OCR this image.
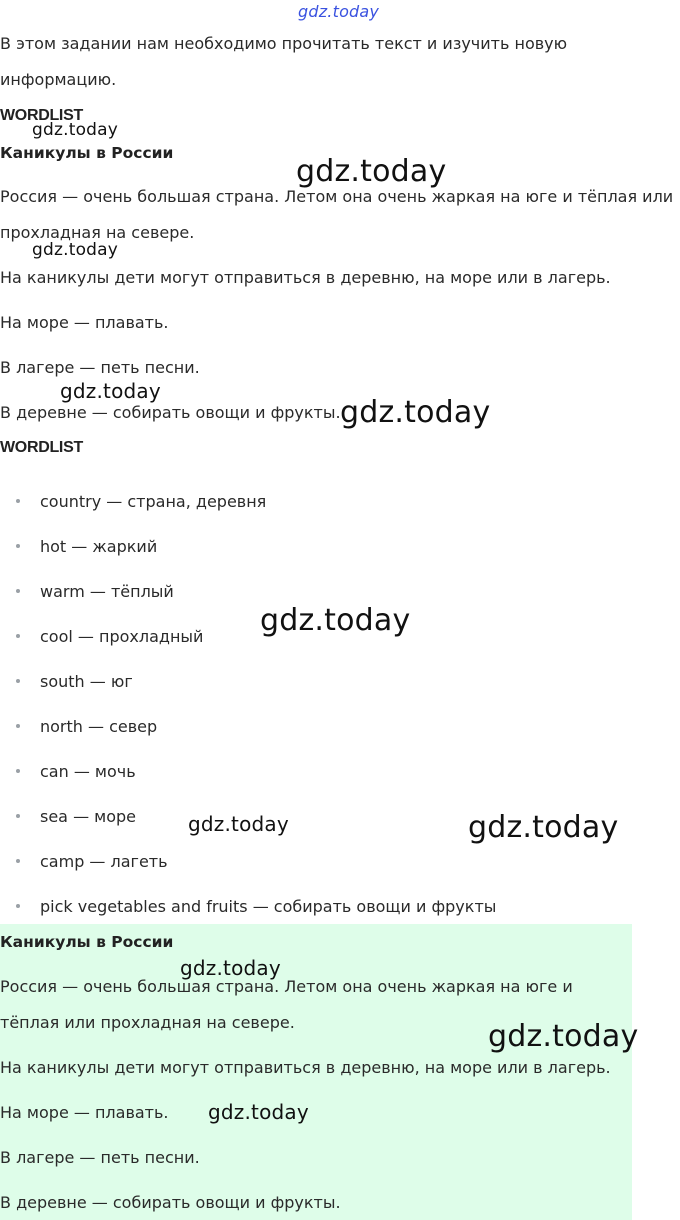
gdz.today
В этом задании нам необходимо прочитать текст и изучить новую
информацию.
WORDLIST
gdz.today
Каникулы в России
gdz.today
Россия — очень большая страна. Летом она очень жаркая на юге и тёплая или
прохладная на севере.
gdz.today
На каникулы дети могут отправиться в деревню, на море или в лагерь.
На море — плавать.
В лагере — петь песни.
gdz.today
В деревне — собирать овощи и фрукты. gdz.today
WORDLIST
country — страна, деревня
hot — жаркий
warm — тёплый
gdz.today
cool — прохладный
south — юг
north — север
can — мочь
sea — море	gdz.today	gdz.today
camp — лагеть
pick vegetables and fruits — собирать овощи и фрукты
Каникулы в России
gdz.today
Россия — очень большая страна. Летом она очень жаркая на юге и
тёплая или прохладная на севере.	gdz.today
На каникулы дети могут отправиться в деревню, на море или в лагерь.
На море — плавать. gdz.today
В лагере — петь песни.
В деревне — собирать овощи и фрукты.
